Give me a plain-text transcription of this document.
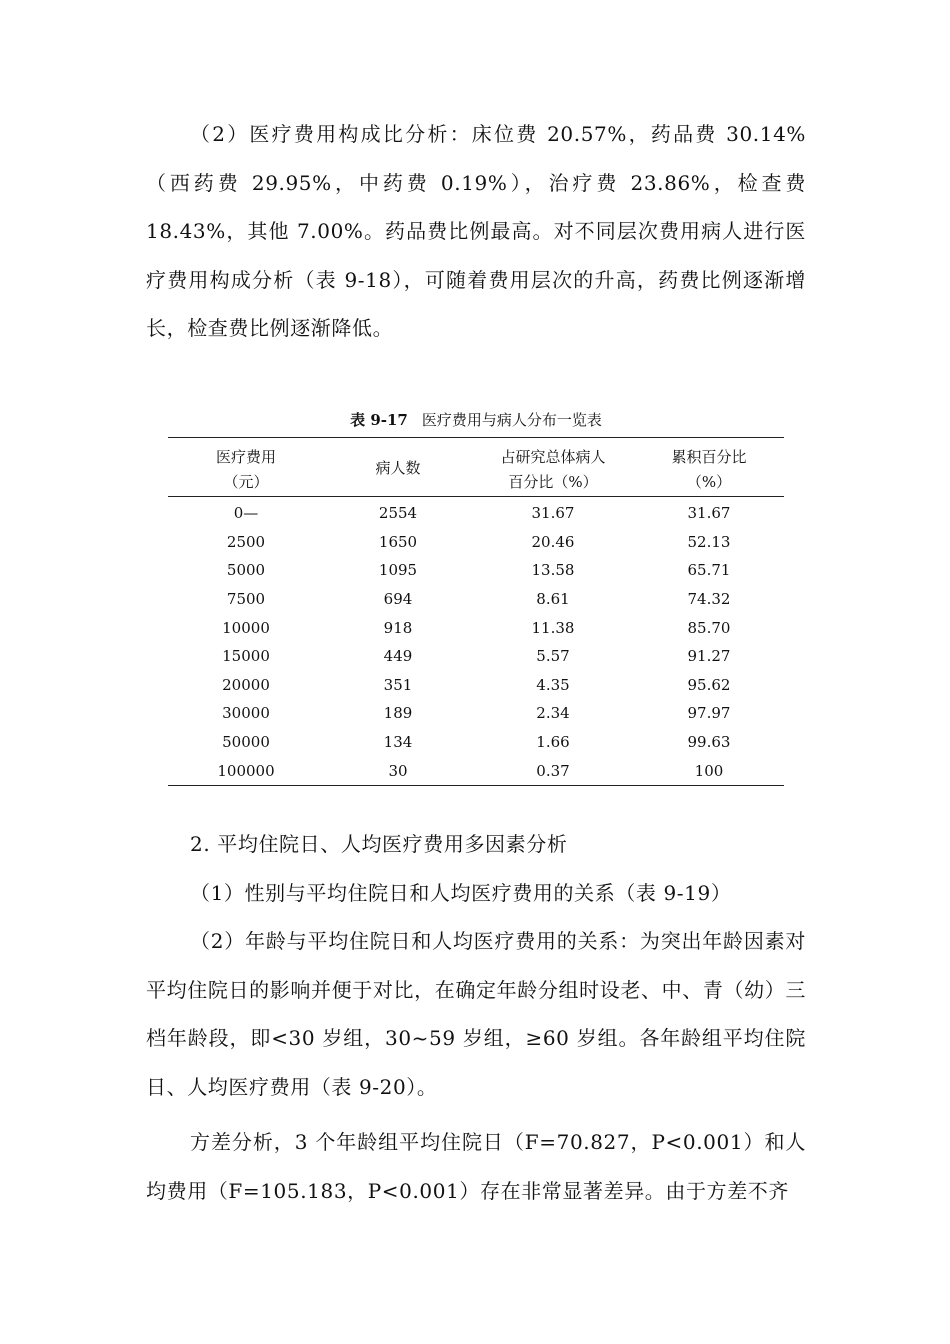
（2）医疗费用构成比分析：床位费 20.57%，药品费 30.14%（西药费 29.95%，中药费 0.19%），治疗费 23.86%，检查费 18.43%，其他 7.00%。药品费比例最高。对不同层次费用病人进行医疗费用构成分析（表 9-18），可随着费用层次的升高，药费比例逐渐增长，检查费比例逐渐降低。

表 9-17 医疗费用与病人分布一览表

医疗费用	病人数	占研究总体病人	累积百分比
（元）		百分比（%）	（%）
0—	2554	31.67	31.67
2500	1650	20.46	52.13
5000	1095	13.58	65.71
7500	694	8.61	74.32
10000	918	11.38	85.70
15000	449	5.57	91.27
20000	351	4.35	95.62
30000	189	2.34	97.97
50000	134	1.66	99.63
100000	30	0.37	100

2. 平均住院日、人均医疗费用多因素分析

（1）性别与平均住院日和人均医疗费用的关系（表 9-19）

（2）年龄与平均住院日和人均医疗费用的关系：为突出年龄因素对平均住院日的影响并便于对比，在确定年龄分组时设老、中、青（幼）三档年龄段，即<30 岁组，30~59 岁组，≥60 岁组。各年龄组平均住院日、人均医疗费用（表 9-20）。

方差分析，3 个年龄组平均住院日（F=70.827，P<0.001）和人均费用（F=105.183，P<0.001）存在非常显著差异。由于方差不齐
